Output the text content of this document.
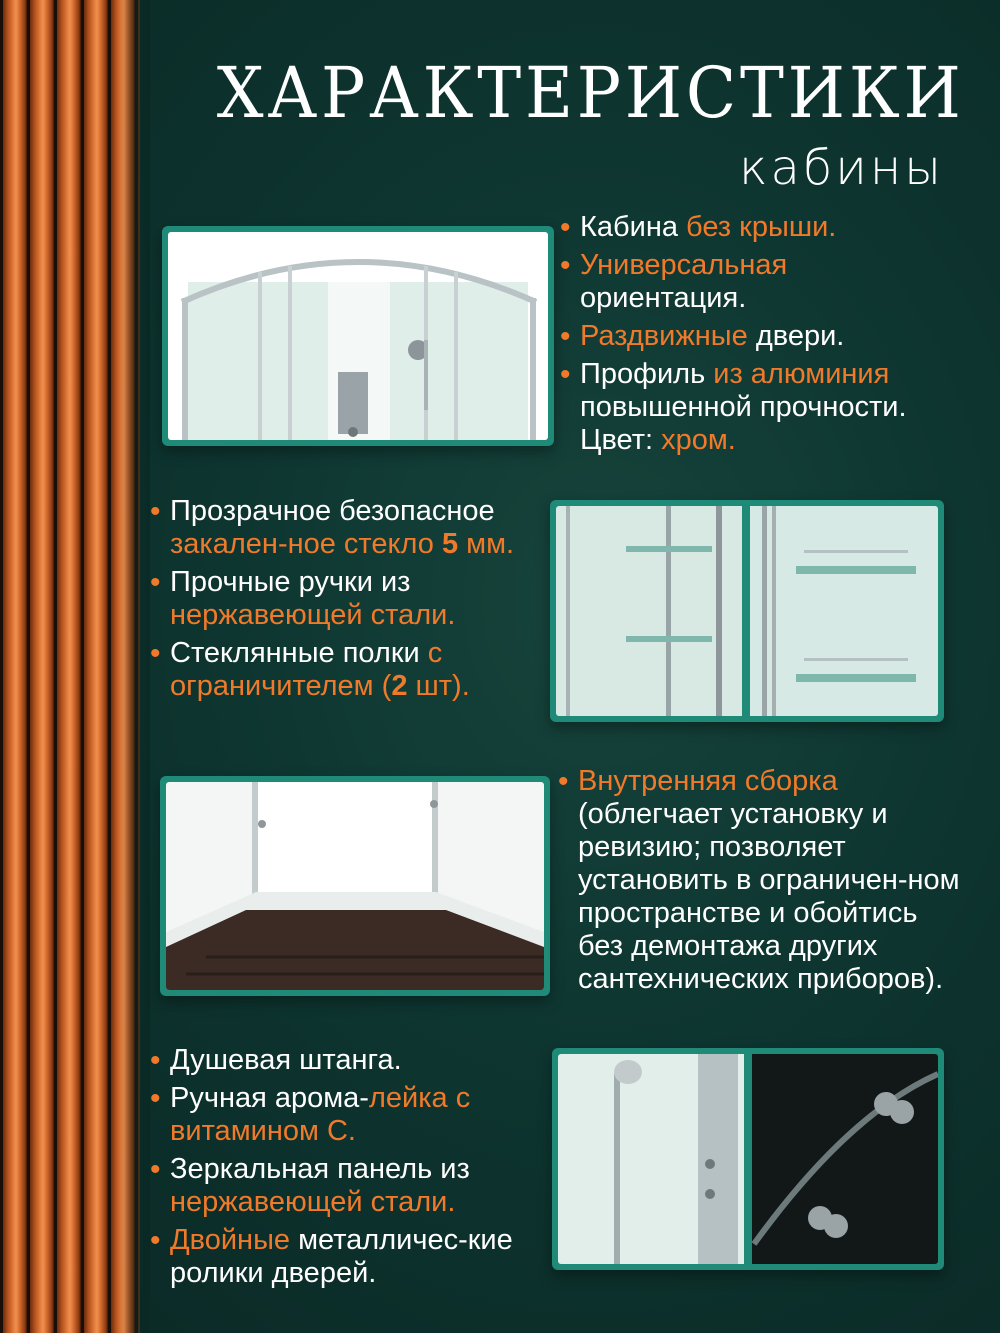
ХАРАКТЕРИСТИКИ
кабины
• Кабина без крыши.
• Универсальная
ориентация.
• Раздвижные двери.
• Профиль из алюминия
повышенной прочности.
Цвет: хром.
• Прозрачное безопасное закален-ное стекло 5 мм.
• Прочные ручки из нержавеющей стали.
• Стеклянные полки с ограничителем (2 шт).
• Внутренняя сборка
(облегчает установку и ревизию; позволяет установить в ограничен-ном пространстве и обойтись без демонтажа других сантехнических приборов).
• Душевая штанга.
• Ручная арома-лейка с витамином С.
• Зеркальная панель из нержавеющей стали.
• Двойные металличес-кие ролики дверей.
